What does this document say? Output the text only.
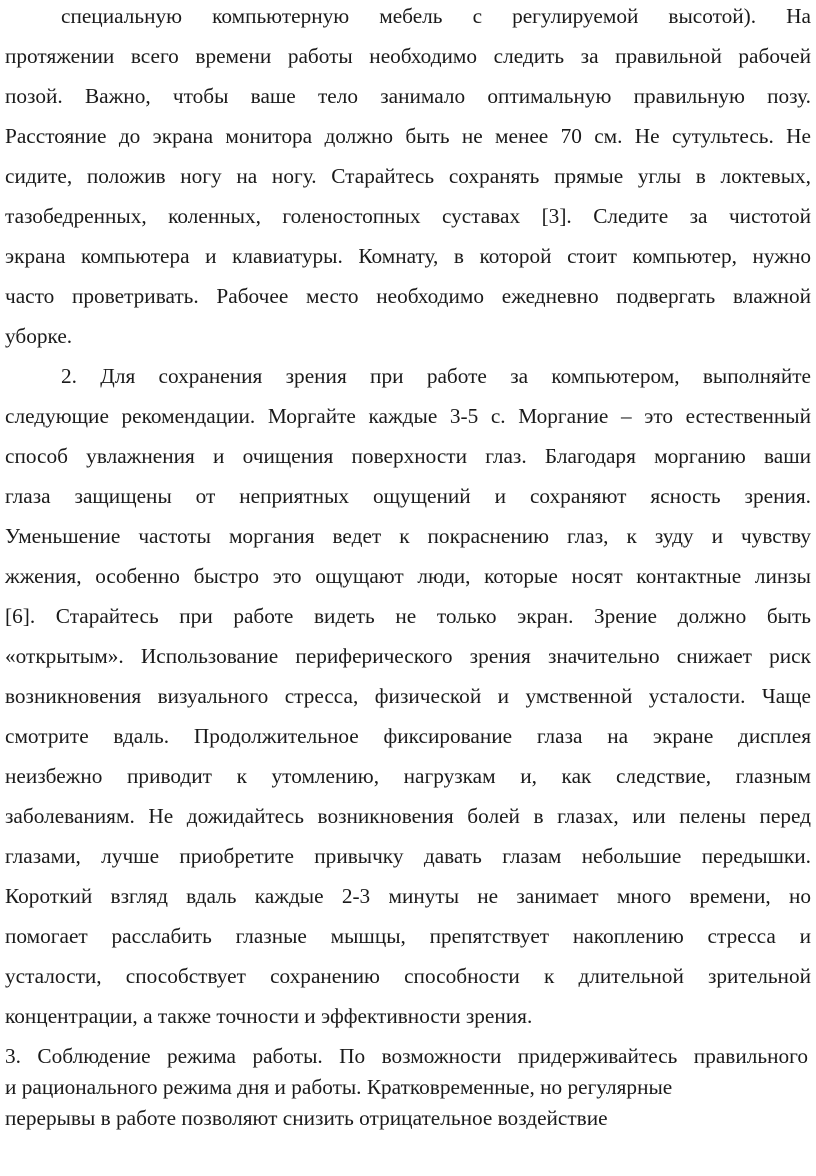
специальную компьютерную мебель с регулируемой высотой). На
протяжении всего времени работы необходимо следить за правильной рабочей
позой. Важно, чтобы ваше тело занимало оптимальную правильную позу.
Расстояние до экрана монитора должно быть не менее 70 см. Не сутультесь. Не
сидите, положив ногу на ногу. Старайтесь сохранять прямые углы в локтевых,
тазобедренных, коленных, голеностопных суставах [3]. Следите за чистотой
экрана компьютера и клавиатуры. Комнату, в которой стоит компьютер, нужно
часто проветривать. Рабочее место необходимо ежедневно подвергать влажной
уборке.
2. Для сохранения зрения при работе за компьютером, выполняйте
следующие рекомендации. Моргайте каждые 3-5 с. Моргание – это естественный
способ увлажнения и очищения поверхности глаз. Благодаря морганию ваши
глаза защищены от неприятных ощущений и сохраняют ясность зрения.
Уменьшение частоты моргания ведет к покраснению глаз, к зуду и чувству
жжения, особенно быстро это ощущают люди, которые носят контактные линзы
[6]. Старайтесь при работе видеть не только экран. Зрение должно быть
«открытым». Использование периферического зрения значительно снижает риск
возникновения визуального стресса, физической и умственной усталости. Чаще
смотрите вдаль. Продолжительное фиксирование глаза на экране дисплея
неизбежно приводит к утомлению, нагрузкам и, как следствие, глазным
заболеваниям. Не дожидайтесь возникновения болей в глазах, или пелены перед
глазами, лучше приобретите привычку давать глазам небольшие передышки.
Короткий взгляд вдаль каждые 2-3 минуты не занимает много времени, но
помогает расслабить глазные мышцы, препятствует накоплению стресса и
усталости, способствует сохранению способности к длительной зрительной
концентрации, а также точности и эффективности зрения.
3. Соблюдение режима работы. По возможности придерживайтесь правильного
и рационального режима дня и работы. Кратковременные, но регулярные
перерывы в работе позволяют снизить отрицательное воздействие
